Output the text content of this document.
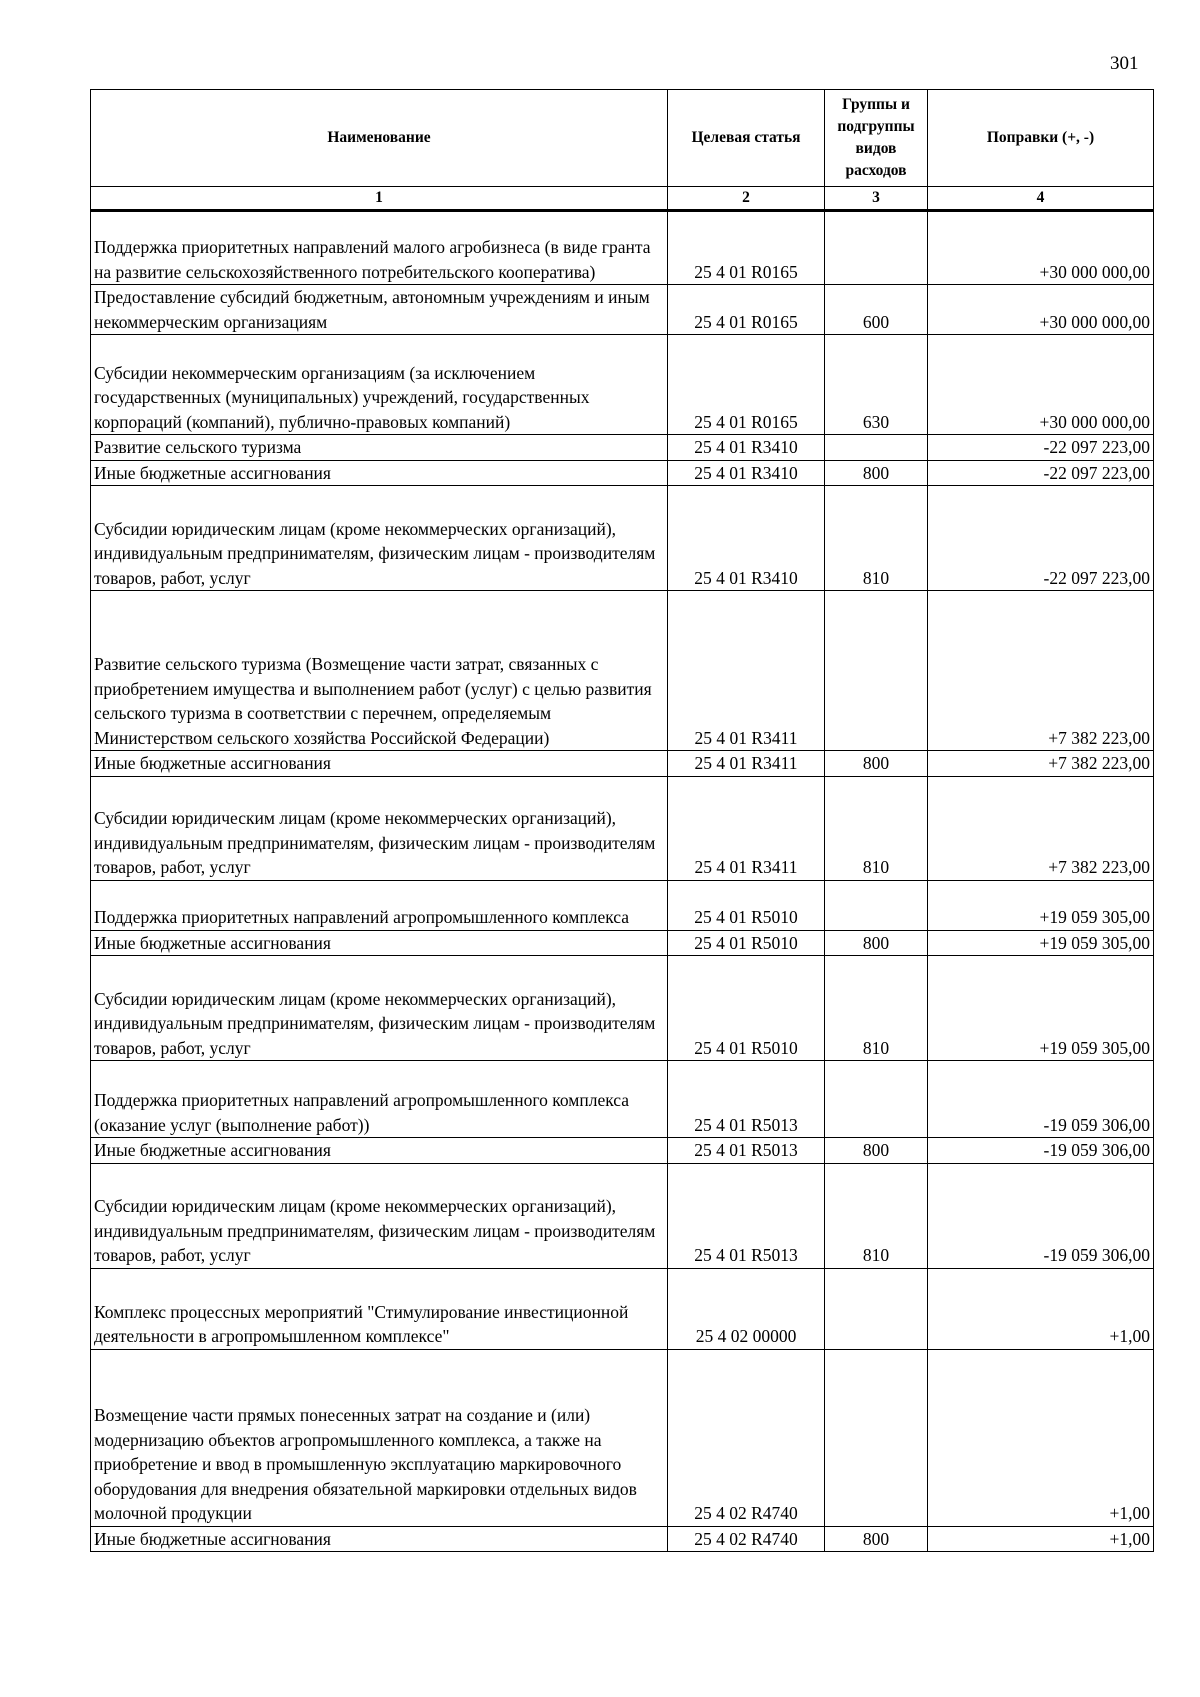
301
Наименование	Целевая статья	Группы и подгруппы видов расходов	Поправки (+, -)
1	2	3	4
Поддержка приоритетных направлений малого агробизнеса (в виде гранта на развитие сельскохозяйственного потребительского кооператива)	25 4 01 R0165		+30 000 000,00
Предоставление субсидий бюджетным, автономным учреждениям и иным некоммерческим организациям	25 4 01 R0165	600	+30 000 000,00
Субсидии некоммерческим организациям (за исключением государственных (муниципальных) учреждений, государственных корпораций (компаний), публично-правовых компаний)	25 4 01 R0165	630	+30 000 000,00
Развитие сельского туризма	25 4 01 R3410		-22 097 223,00
Иные бюджетные ассигнования	25 4 01 R3410	800	-22 097 223,00
Субсидии юридическим лицам (кроме некоммерческих организаций), индивидуальным предпринимателям, физическим лицам - производителям товаров, работ, услуг	25 4 01 R3410	810	-22 097 223,00
Развитие сельского туризма (Возмещение части затрат, связанных с приобретением имущества и выполнением работ (услуг) с целью развития сельского туризма в соответствии с перечнем, определяемым Министерством сельского хозяйства Российской Федерации)	25 4 01 R3411		+7 382 223,00
Иные бюджетные ассигнования	25 4 01 R3411	800	+7 382 223,00
Субсидии юридическим лицам (кроме некоммерческих организаций), индивидуальным предпринимателям, физическим лицам - производителям товаров, работ, услуг	25 4 01 R3411	810	+7 382 223,00
Поддержка приоритетных направлений агропромышленного комплекса	25 4 01 R5010		+19 059 305,00
Иные бюджетные ассигнования	25 4 01 R5010	800	+19 059 305,00
Субсидии юридическим лицам (кроме некоммерческих организаций), индивидуальным предпринимателям, физическим лицам - производителям товаров, работ, услуг	25 4 01 R5010	810	+19 059 305,00
Поддержка приоритетных направлений агропромышленного комплекса (оказание услуг (выполнение работ))	25 4 01 R5013		-19 059 306,00
Иные бюджетные ассигнования	25 4 01 R5013	800	-19 059 306,00
Субсидии юридическим лицам (кроме некоммерческих организаций), индивидуальным предпринимателям, физическим лицам - производителям товаров, работ, услуг	25 4 01 R5013	810	-19 059 306,00
Комплекс процессных мероприятий "Стимулирование инвестиционной деятельности в агропромышленном комплексе"	25 4 02 00000		+1,00
Возмещение части прямых понесенных затрат на создание и (или) модернизацию объектов агропромышленного комплекса, а также на приобретение и ввод в промышленную эксплуатацию маркировочного оборудования для внедрения обязательной маркировки отдельных видов молочной продукции	25 4 02 R4740		+1,00
Иные бюджетные ассигнования	25 4 02 R4740	800	+1,00
